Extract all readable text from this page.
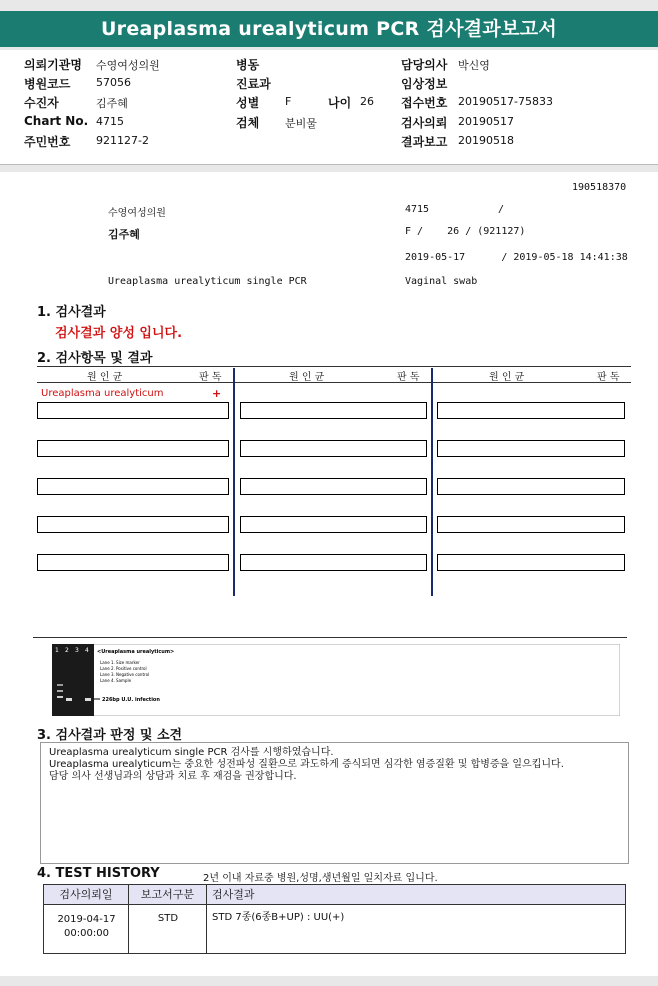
Ureaplasma urealyticum PCR 검사결과보고서
의뢰기관명 수영여성의원
병원코드 57056
수진자	김주혜
Chart No. 4715
주민번호 921127-2
병동
진료과
성별 F	나이 26
검체 분비물
담당의사 박신영
임상정보
접수번호 20190517-75833
검사의뢰 20190517
결과보고 20190518
190518370
수영여성의원	4715	/
김주혜	F /    26 / (921127)
2019-05-17      / 2019-05-18 14:41:38
Ureaplasma urealyticum single PCR	Vaginal swab
1. 검사결과
검사결과 양성 입니다.
2. 검사항목 및 결과
원 인 균	판 독	원 인 균	판 독	원 인 균	판 독
Ureaplasma urealyticum	+
1 2 3 4 <Ureaplasma urealyticum>
Lane 1. Size marker
Lane 2. Positive control
Lane 3. Negative control
Lane 4. Sample
226bp U.U. infection
3. 검사결과 판정 및 소견
Ureaplasma urealyticum single PCR 검사를 시행하였습니다.
Ureaplasma urealyticum는 중요한 성전파성 질환으로 과도하게 증식되면 심각한 염증질환 및 합병증을 일으킵니다.
담당 의사 선생님과의 상담과 치료 후 재검을 권장합니다.
4. TEST HISTORY	2년 이내 자료중 병원,성명,생년월일 일치자료 입니다.
검사의뢰일	보고서구분	검사결과
2019-04-17
00:00:00
STD	STD 7종(6종B+UP) : UU(+)
